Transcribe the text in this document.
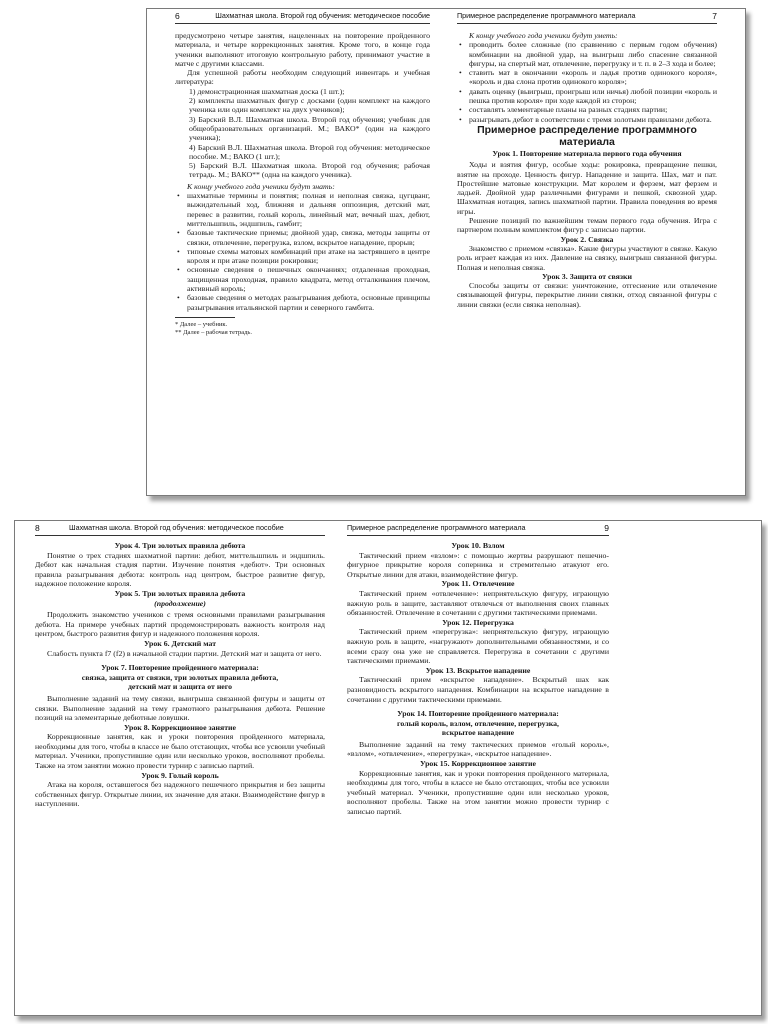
6	Шахматная школа. Второй год обучения: методическое пособие

предусмотрено четыре занятия, нацеленных на повторение пройденного материала, и четыре коррекционных занятия. Кроме того, в конце года ученики выполняют итоговую контрольную работу, принимают участие в матче с другими классами.

Для успешной работы необходим следующий инвентарь и учебная литература:

1) демонстрационная шахматная доска (1 шт.);

2) комплекты шахматных фигур с досками (один комплект на каждого ученика или один комплект на двух учеников);

3) Барский В.Л. Шахматная школа. Второй год обучения; учебник для общеобразовательных организаций. М.; ВАКО* (один на каждого ученика);

4) Барский В.Л. Шахматная школа. Второй год обучения: методическое пособие. М.; ВАКО (1 шт.);

5) Барский В.Л. Шахматная школа. Второй год обучения; рабочая тетрадь. М.; ВАКО** (одна на каждого ученика).

К концу учебного года ученики будут знать:

• шахматные термины и понятия; полная и неполная связка, цугцванг, выжидательный ход, ближняя и дальняя оппозиция, детский мат, перевес в развитии, голый король, линейный мат, вечный шах, дебют, миттельшпиль, эндшпиль, гамбит;
• базовые тактические приемы; двойной удар, связка, методы защиты от связки, отвлечение, перегрузка, взлом, вскрытое нападение, прорыв;
• типовые схемы матовых комбинаций при атаке на застрявшего в центре короля и при атаке позиции рокировки;
• основные сведения о пешечных окончаниях; отдаленная проходная, защищенная проходная, правило квадрата, метод отталкивания плечом, активный король;
• базовые сведения о методах разыгрывания дебюта, основные принципы разыгрывания итальянской партии и северного гамбита.

* Далее – учебник.

** Далее – рабочая тетрадь.

Примерное распределение программного материала	7

К концу учебного года ученики будут уметь:

• проводить более сложные (по сравнению с первым годом обучения) комбинации на двойной удар, на выигрыш либо спасение связанной фигуры, на спертый мат, отвлечение, перегрузку и т. п. в 2–3 хода и более;
• ставить мат в окончании «король и ладья против одинокого короля», «король и два слона против одинокого короля»;
• давать оценку (выигрыш, проигрыш или ничья) любой позиции «король и пешка против короля» при ходе каждой из сторон;
• составлять элементарные планы на разных стадиях партии;
• разыгрывать дебют в соответствии с тремя золотыми правилами дебюта.

Примерное распределение программного материала

Урок 1. Повторение материала первого года обучения

Ходы и взятия фигур, особые ходы: рокировка, превращение пешки, взятие на проходе. Ценность фигур. Нападение и защита. Шах, мат и пат. Простейшие матовые конструкции. Мат королем и ферзем, мат ферзем и ладьей. Двойной удар различными фигурами и пешкой, сквозной удар. Шахматная нотация, запись шахматной партии. Правила поведения во время игры.

Решение позиций по важнейшим темам первого года обучения. Игра с партнером полным комплектом фигур с записью партии.

Урок 2. Связка

Знакомство с приемом «связка». Какие фигуры участвуют в связке. Какую роль играет каждая из них. Давление на связку, выигрыш связанной фигуры. Полная и неполная связка.

Урок 3. Защита от связки

Способы защиты от связки: уничтожение, отгеснение или отвлечение связывающей фигуры, перекрытие линии связки, отход связанной фигуры с линии связки (если связка неполная).

8	Шахматная школа. Второй год обучения: методическое пособие

Урок 4. Три золотых правила дебюта

Понятие о трех стадиях шахматной партии: дебют, миттельшпиль и эндшпиль. Дебют как начальная стадия партии. Изучение понятия «дебют». Три основных правила разыгрывания дебюта: контроль над центром, быстрое развитие фигур, надежное положение короля.

Урок 5. Три золотых правила дебюта

(продолжение)

Продолжить знакомство учеников с тремя основными правилами разыгрывания дебюта. На примере учебных партий продемонстрировать важность контроля над центром, быстрого развития фигур и надежного положения короля.

Урок 6. Детский мат

Слабость пункта f7 (f2) в начальной стадии партии. Детский мат и защита от него.

Урок 7. Повторение пройденного материала:

связка, защита от связки, три золотых правила дебюта,

детский мат и защита от него

Выполнение заданий на тему связки, выигрыша связанной фигуры и защиты от связки. Выполнение заданий на тему грамотного разыгрывания дебюта. Решение позиций на элементарные дебютные ловушки.

Урок 8. Коррекционное занятие

Коррекционные занятия, как и уроки повторения пройденного материала, необходимы для того, чтобы в классе не было отстающих, чтобы все усвоили учебный материал. Ученики, пропустившие один или несколько уроков, восполняют пробелы. Также на этом занятии можно провести турнир с записью партий.

Урок 9. Голый король

Атака на короля, оставшегося без надежного пешечного прикрытия и без защиты собственных фигур. Открытые линии, их значение для атаки. Взаимодействие фигур в наступлении.

Примерное распределение программного материала	9

Урок 10. Взлом

Тактический прием «взлом»: с помощью жертвы разрушают пешечно-фигурное прикрытие короля соперника и стремительно атакуют его. Открытые линии для атаки, взаимодействие фигур.

Урок 11. Отвлечение

Тактический прием «отвлечение»: неприятельскую фигуру, играющую важную роль в защите, заставляют отвлечься от выполнения своих главных обязанностей. Отвлечение в сочетании с другими тактическими приемами.

Урок 12. Перегрузка

Тактический прием «перегрузка»: неприятельскую фигуру, играющую важную роль в защите, «нагружают» дополнительными обязанностями, и со всеми сразу она уже не справляется. Перегрузка в сочетании с другими тактическими приемами.

Урок 13. Вскрытое нападение

Тактический прием «вскрытое нападение». Вскрытый шах как разновидность вскрытого нападения. Комбинации на вскрытое нападение в сочетании с другими тактическими приемами.

Урок 14. Повторение пройденного материала:

голый король, взлом, отвлечение, перегрузка,

вскрытое нападение

Выполнение заданий на тему тактических приемов «голый король», «взлом», «отвлечение», «перегрузка», «вскрытое нападение».

Урок 15. Коррекционное занятие

Коррекционные занятия, как и уроки повторения пройденного материала, необходимы для того, чтобы в классе не было отстающих, чтобы все усвоили учебный материал. Ученики, пропустившие один или несколько уроков, восполняют пробелы. Также на этом занятии можно провести турнир с записью партий.
